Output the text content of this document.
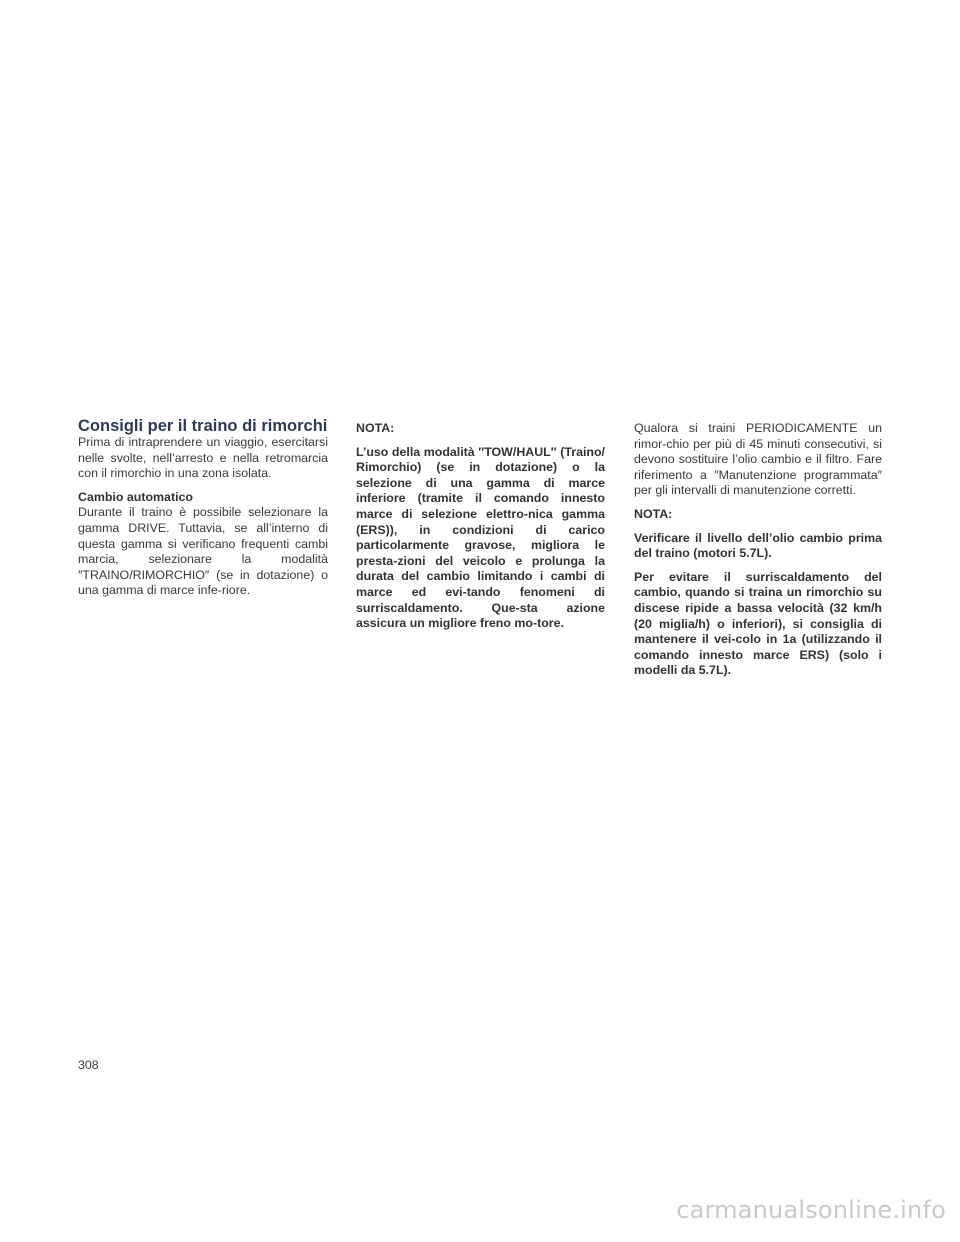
Consigli per il traino di rimorchi

Prima di intraprendere un viaggio, esercitarsi nelle svolte, nell’arresto e nella retromarcia con il rimorchio in una zona isolata.

Cambio automatico

Durante il traino è possibile selezionare la gamma DRIVE. Tuttavia, se all’interno di questa gamma si verificano frequenti cambi marcia, selezionare la modalità ″TRAINO/RIMORCHIO″ (se in dotazione) o una gamma di marce infe-riore.

NOTA:

L’uso della modalità ″TOW/HAUL″ (Traino/ Rimorchio) (se in dotazione) o la selezione di una gamma di marce inferiore (tramite il comando innesto marce di selezione elettro-nica gamma (ERS)), in condizioni di carico particolarmente gravose, migliora le presta-zioni del veicolo e prolunga la durata del cambio limitando i cambi di marce ed evi-tando fenomeni di surriscaldamento. Que-sta azione assicura un migliore freno mo-tore.

Qualora si traini PERIODICAMENTE un rimor-chio per più di 45 minuti consecutivi, si devono sostituire l’olio cambio e il filtro. Fare riferimento a ″Manutenzione programmata″ per gli intervalli di manutenzione corretti.

NOTA:

Verificare il livello dell’olio cambio prima del traino (motori 5.7L).

Per evitare il surriscaldamento del cambio, quando si traina un rimorchio su discese ripide a bassa velocità (32 km/h (20 miglia/h) o inferiori), si consiglia di mantenere il vei-colo in 1a (utilizzando il comando innesto marce ERS) (solo i modelli da 5.7L).

308

carmanualsonline.info
